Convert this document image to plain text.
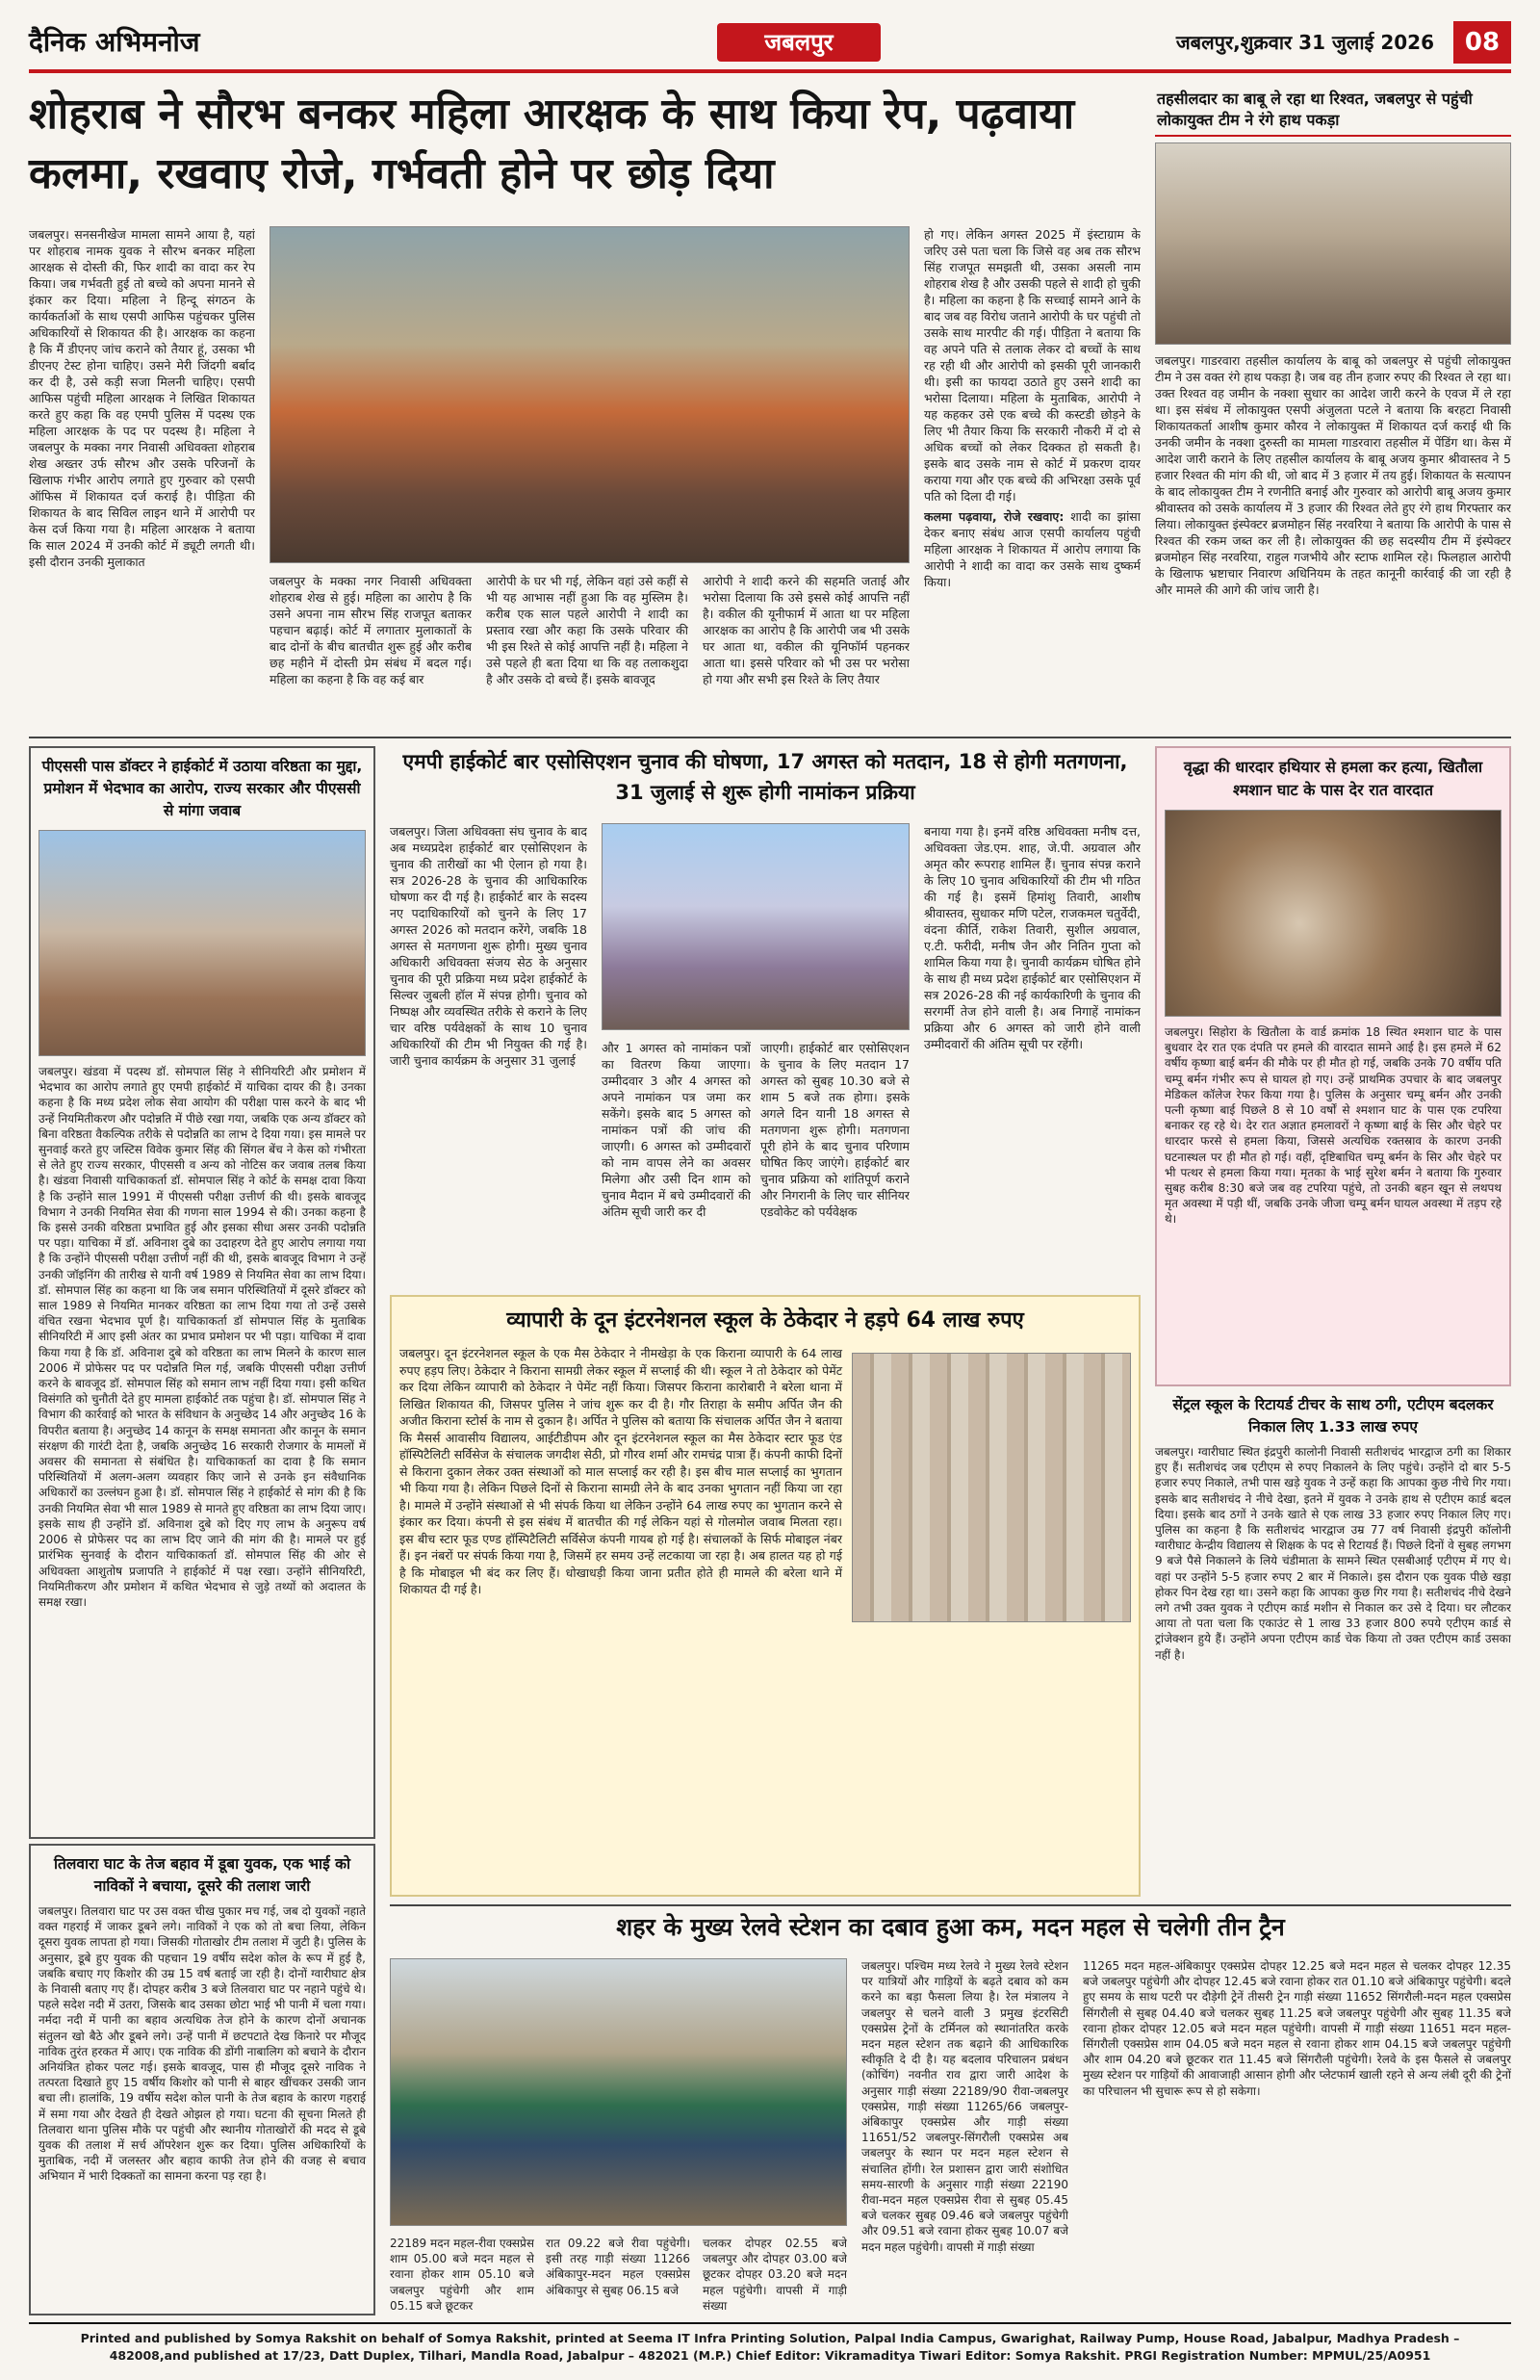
दैनिक अभिमनोज	जबलपुर	जबलपुर,शुक्रवार 31 जुलाई 2026	08
शोहराब ने सौरभ बनकर महिला आरक्षक के साथ किया रेप, पढ़वाया कलमा, रखवाए रोजे, गर्भवती होने पर छोड़ दिया

जबलपुर। सनसनीखेज मामला सामने आया है, यहां पर शोहराब नामक युवक ने सौरभ बनकर महिला आरक्षक से दोस्ती की, फिर शादी का वादा कर रेप किया। जब गर्भवती हुई तो बच्चे को अपना मानने से इंकार कर दिया। महिला ने हिन्दू संगठन के कार्यकर्ताओं के साथ एसपी आफिस पहुंचकर पुलिस अधिकारियों से शिकायत की है। आरक्षक का कहना है कि मैं डीएनए जांच कराने को तैयार हूं, उसका भी डीएनए टेस्ट होना चाहिए। उसने मेरी जिंदगी बर्बाद कर दी है, उसे कड़ी सजा मिलनी चाहिए। एसपी आफिस पहुंची महिला आरक्षक ने लिखित शिकायत करते हुए कहा कि वह एमपी पुलिस में पदस्थ एक महिला आरक्षक के पद पर पदस्थ है। महिला ने जबलपुर के मक्का नगर निवासी अधिवक्ता शोहराब शेख अख्तर उर्फ सौरभ और उसके परिजनों के खिलाफ गंभीर आरोप लगाते हुए गुरुवार को एसपी ऑफिस में शिकायत दर्ज कराई है। पीड़िता की शिकायत के बाद सिविल लाइन थाने में आरोपी पर केस दर्ज किया गया है। महिला आरक्षक ने बताया कि साल 2024 में उनकी कोर्ट में ड्यूटी लगती थी। इसी दौरान उनकी मुलाकात

जबलपुर के मक्का नगर निवासी अधिवक्ता शोहराब शेख से हुई। महिला का आरोप है कि उसने अपना नाम सौरभ सिंह राजपूत बताकर पहचान बढ़ाई। कोर्ट में लगातार मुलाकातों के बाद दोनों के बीच बातचीत शुरू हुई और करीब छह महीने में दोस्ती प्रेम संबंध में बदल गई। महिला का कहना है कि वह कई बार

आरोपी के घर भी गई, लेकिन वहां उसे कहीं से भी यह आभास नहीं हुआ कि वह मुस्लिम है। करीब एक साल पहले आरोपी ने शादी का प्रस्ताव रखा और कहा कि उसके परिवार की भी इस रिश्ते से कोई आपत्ति नहीं है। महिला ने उसे पहले ही बता दिया था कि वह तलाकशुदा है और उसके दो बच्चे हैं। इसके बावजूद

आरोपी ने शादी करने की सहमति जताई और भरोसा दिलाया कि उसे इससे कोई आपत्ति नहीं है। वकील की यूनीफार्म में आता था पर महिला आरक्षक का आरोप है कि आरोपी जब भी उसके घर आता था, वकील की यूनिफॉर्म पहनकर आता था। इससे परिवार को भी उस पर भरोसा हो गया और सभी इस रिश्ते के लिए तैयार

हो गए। लेकिन अगस्त 2025 में इंस्टाग्राम के जरिए उसे पता चला कि जिसे वह अब तक सौरभ सिंह राजपूत समझती थी, उसका असली नाम शोहराब शेख है और उसकी पहले से शादी हो चुकी है। महिला का कहना है कि सच्चाई सामने आने के बाद जब वह विरोध जताने आरोपी के घर पहुंची तो उसके साथ मारपीट की गई। पीड़िता ने बताया कि वह अपने पति से तलाक लेकर दो बच्चों के साथ रह रही थी और आरोपी को इसकी पूरी जानकारी थी। इसी का फायदा उठाते हुए उसने शादी का भरोसा दिलाया। महिला के मुताबिक, आरोपी ने यह कहकर उसे एक बच्चे की कस्टडी छोड़ने के लिए भी तैयार किया कि सरकारी नौकरी में दो से अधिक बच्चों को लेकर दिक्कत हो सकती है। इसके बाद उसके नाम से कोर्ट में प्रकरण दायर कराया गया और एक बच्चे की अभिरक्षा उसके पूर्व पति को दिला दी गई।

कलमा पढ़वाया, रोजे रखवाए: शादी का झांसा देकर बनाए संबंध आज एसपी कार्यालय पहुंची महिला आरक्षक ने शिकायत में आरोप लगाया कि आरोपी ने शादी का वादा कर उसके साथ दुष्कर्म किया।

तहसीलदार का बाबू ले रहा था रिश्वत, जबलपुर से पहुंची लोकायुक्त टीम ने रंगे हाथ पकड़ा
जबलपुर। गाडरवारा तहसील कार्यालय के बाबू को जबलपुर से पहुंची लोकायुक्त टीम ने उस वक्त रंगे हाथ पकड़ा है। जब वह तीन हजार रुपए की रिश्वत ले रहा था। उक्त रिश्वत वह जमीन के नक्शा सुधार का आदेश जारी करने के एवज में ले रहा था। इस संबंध में लोकायुक्त एसपी अंजुलता पटले ने बताया कि बरहटा निवासी शिकायतकर्ता आशीष कुमार कौरव ने लोकायुक्त में शिकायत दर्ज कराई थी कि उनकी जमीन के नक्शा दुरुस्ती का मामला गाडरवारा तहसील में पेंडिंग था। केस में आदेश जारी कराने के लिए तहसील कार्यालय के बाबू अजय कुमार श्रीवास्तव ने 5 हजार रिश्वत की मांग की थी, जो बाद में 3 हजार में तय हुई। शिकायत के सत्यापन के बाद लोकायुक्त टीम ने रणनीति बनाई और गुरुवार को आरोपी बाबू अजय कुमार श्रीवास्तव को उसके कार्यालय में 3 हजार की रिश्वत लेते हुए रंगे हाथ गिरफ्तार कर लिया। लोकायुक्त इंस्पेक्टर ब्रजमोहन सिंह नरवरिया ने बताया कि आरोपी के पास से रिश्वत की रकम जब्त कर ली है। लोकायुक्त की छह सदस्यीय टीम में इंस्पेक्टर ब्रजमोहन सिंह नरवरिया, राहुल गजभीये और स्टाफ शामिल रहे। फिलहाल आरोपी के खिलाफ भ्रष्टाचार निवारण अधिनियम के तहत कानूनी कार्रवाई की जा रही है और मामले की आगे की जांच जारी है।
पीएससी पास डॉक्टर ने हाईकोर्ट में उठाया वरिष्ठता का मुद्दा, प्रमोशन में भेदभाव का आरोप, राज्य सरकार और पीएससी से मांगा जवाब
जबलपुर। खंडवा में पदस्थ डॉ. सोमपाल सिंह ने सीनियरिटी और प्रमोशन में भेदभाव का आरोप लगाते हुए एमपी हाईकोर्ट में याचिका दायर की है। उनका कहना है कि मध्य प्रदेश लोक सेवा आयोग की परीक्षा पास करने के बाद भी उन्हें नियमितीकरण और पदोन्नति में पीछे रखा गया, जबकि एक अन्य डॉक्टर को बिना वरिष्ठता वैकल्पिक तरीके से पदोन्नति का लाभ दे दिया गया। इस मामले पर सुनवाई करते हुए जस्टिस विवेक कुमार सिंह की सिंगल बेंच ने केस को गंभीरता से लेते हुए राज्य सरकार, पीएससी व अन्य को नोटिस कर जवाब तलब किया है। खंडवा निवासी याचिकाकर्ता डॉ. सोमपाल सिंह ने कोर्ट के समक्ष दावा किया है कि उन्होंने साल 1991 में पीएससी परीक्षा उत्तीर्ण की थी। इसके बावजूद विभाग ने उनकी नियमित सेवा की गणना साल 1994 से की। उनका कहना है कि इससे उनकी वरिष्ठता प्रभावित हुई और इसका सीधा असर उनकी पदोन्नति पर पड़ा। याचिका में डॉ. अविनाश दुबे का उदाहरण देते हुए आरोप लगाया गया है कि उन्होंने पीएससी परीक्षा उत्तीर्ण नहीं की थी, इसके बावजूद विभाग ने उन्हें उनकी जॉइनिंग की तारीख से यानी वर्ष 1989 से नियमित सेवा का लाभ दिया। डॉ. सोमपाल सिंह का कहना था कि जब समान परिस्थितियों में दूसरे डॉक्टर को साल 1989 से नियमित मानकर वरिष्ठता का लाभ दिया गया तो उन्हें उससे वंचित रखना भेदभाव पूर्ण है। याचिकाकर्ता डॉ सोमपाल सिंह के मुताबिक सीनियरिटी में आए इसी अंतर का प्रभाव प्रमोशन पर भी पड़ा। याचिका में दावा किया गया है कि डॉ. अविनाश दुबे को वरिष्ठता का लाभ मिलने के कारण साल 2006 में प्रोफेसर पद पर पदोन्नति मिल गई, जबकि पीएससी परीक्षा उत्तीर्ण करने के बावजूद डॉ. सोमपाल सिंह को समान लाभ नहीं दिया गया। इसी कथित विसंगति को चुनौती देते हुए मामला हाईकोर्ट तक पहुंचा है। डॉ. सोमपाल सिंह ने विभाग की कार्रवाई को भारत के संविधान के अनुच्छेद 14 और अनुच्छेद 16 के विपरीत बताया है। अनुच्छेद 14 कानून के समक्ष समानता और कानून के समान संरक्षण की गारंटी देता है, जबकि अनुच्छेद 16 सरकारी रोजगार के मामलों में अवसर की समानता से संबंधित है। याचिकाकर्ता का दावा है कि समान परिस्थितियों में अलग-अलग व्यवहार किए जाने से उनके इन संवैधानिक अधिकारों का उल्लंघन हुआ है। डॉ. सोमपाल सिंह ने हाईकोर्ट से मांग की है कि उनकी नियमित सेवा भी साल 1989 से मानते हुए वरिष्ठता का लाभ दिया जाए। इसके साथ ही उन्होंने डॉ. अविनाश दुबे को दिए गए लाभ के अनुरूप वर्ष 2006 से प्रोफेसर पद का लाभ दिए जाने की मांग की है। मामले पर हुई प्रारंभिक सुनवाई के दौरान याचिकाकर्ता डॉ. सोमपाल सिंह की ओर से अधिवक्ता आशुतोष प्रजापति ने हाईकोर्ट में पक्ष रखा। उन्होंने सीनियरिटी, नियमितीकरण और प्रमोशन में कथित भेदभाव से जुड़े तथ्यों को अदालत के समक्ष रखा।
तिलवारा घाट के तेज बहाव में डूबा युवक, एक भाई को नाविकों ने बचाया, दूसरे की तलाश जारी
जबलपुर। तिलवारा घाट पर उस वक्त चीख पुकार मच गई, जब दो युवकों नहाते वक्त गहराई में जाकर डूबने लगे। नाविकों ने एक को तो बचा लिया, लेकिन दूसरा युवक लापता हो गया। जिसकी गोताखोर टीम तलाश में जुटी है। पुलिस के अनुसार, डूबे हुए युवक की पहचान 19 वर्षीय सदेश कोल के रूप में हुई है, जबकि बचाए गए किशोर की उम्र 15 वर्ष बताई जा रही है। दोनों ग्वारीघाट क्षेत्र के निवासी बताए गए हैं। दोपहर करीब 3 बजे तिलवारा घाट पर नहाने पहुंचे थे। पहले सदेश नदी में उतरा, जिसके बाद उसका छोटा भाई भी पानी में चला गया। नर्मदा नदी में पानी का बहाव अत्यधिक तेज होने के कारण दोनों अचानक संतुलन खो बैठे और डूबने लगे। उन्हें पानी में छटपटाते देख किनारे पर मौजूद नाविक तुरंत हरकत में आए। एक नाविक की डोंगी नाबालिग को बचाने के दौरान अनियंत्रित होकर पलट गई। इसके बावजूद, पास ही मौजूद दूसरे नाविक ने तत्परता दिखाते हुए 15 वर्षीय किशोर को पानी से बाहर खींचकर उसकी जान बचा ली। हालांकि, 19 वर्षीय सदेश कोल पानी के तेज बहाव के कारण गहराई में समा गया और देखते ही देखते ओझल हो गया। घटना की सूचना मिलते ही तिलवारा थाना पुलिस मौके पर पहुंची और स्थानीय गोताखोरों की मदद से डूबे युवक की तलाश में सर्च ऑपरेशन शुरू कर दिया। पुलिस अधिकारियों के मुताबिक, नदी में जलस्तर और बहाव काफी तेज होने की वजह से बचाव अभियान में भारी दिक्कतों का सामना करना पड़ रहा है।
एमपी हाईकोर्ट बार एसोसिएशन चुनाव की घोषणा, 17 अगस्त को मतदान, 18 से होगी मतगणना, 31 जुलाई से शुरू होगी नामांकन प्रक्रिया
जबलपुर। जिला अधिवक्ता संघ चुनाव के बाद अब मध्यप्रदेश हाईकोर्ट बार एसोसिएशन के चुनाव की तारीखों का भी ऐलान हो गया है। सत्र 2026-28 के चुनाव की आधिकारिक घोषणा कर दी गई है। हाईकोर्ट बार के सदस्य नए पदाधिकारियों को चुनने के लिए 17 अगस्त 2026 को मतदान करेंगे, जबकि 18 अगस्त से मतगणना शुरू होगी। मुख्य चुनाव अधिकारी अधिवक्ता संजय सेठ के अनुसार चुनाव की पूरी प्रक्रिया मध्य प्रदेश हाईकोर्ट के सिल्वर जुबली हॉल में संपन्न होगी। चुनाव को निष्पक्ष और व्यवस्थित तरीके से कराने के लिए चार वरिष्ठ पर्यवेक्षकों के साथ 10 चुनाव अधिकारियों की टीम भी नियुक्त की गई है। जारी चुनाव कार्यक्रम के अनुसार 31 जुलाई
और 1 अगस्त को नामांकन पत्रों का वितरण किया जाएगा। उम्मीदवार 3 और 4 अगस्त को अपने नामांकन पत्र जमा कर सकेंगे। इसके बाद 5 अगस्त को नामांकन पत्रों की जांच की जाएगी। 6 अगस्त को उम्मीदवारों को नाम वापस लेने का अवसर मिलेगा और उसी दिन शाम को चुनाव मैदान में बचे उम्मीदवारों की अंतिम सूची जारी कर दी
जाएगी। हाईकोर्ट बार एसोसिएशन के चुनाव के लिए मतदान 17 अगस्त को सुबह 10.30 बजे से शाम 5 बजे तक होगा। इसके अगले दिन यानी 18 अगस्त से मतगणना शुरू होगी। मतगणना पूरी होने के बाद चुनाव परिणाम घोषित किए जाएंगे। हाईकोर्ट बार चुनाव प्रक्रिया को शांतिपूर्ण कराने और निगरानी के लिए चार सीनियर एडवोकेट को पर्यवेक्षक
बनाया गया है। इनमें वरिष्ठ अधिवक्ता मनीष दत्त, अधिवक्ता जेड.एम. शाह, जे.पी. अग्रवाल और अमृत कौर रूपराह शामिल हैं। चुनाव संपन्न कराने के लिए 10 चुनाव अधिकारियों की टीम भी गठित की गई है। इसमें हिमांशु तिवारी, आशीष श्रीवास्तव, सुधाकर मणि पटेल, राजकमल चतुर्वेदी, वंदना कीर्ति, राकेश तिवारी, सुशील अग्रवाल, ए.टी. फरीदी, मनीष जैन और नितिन गुप्ता को शामिल किया गया है। चुनावी कार्यक्रम घोषित होने के साथ ही मध्य प्रदेश हाईकोर्ट बार एसोसिएशन में सत्र 2026-28 की नई कार्यकारिणी के चुनाव की सरगर्मी तेज होने वाली है। अब निगाहें नामांकन प्रक्रिया और 6 अगस्त को जारी होने वाली उम्मीदवारों की अंतिम सूची पर रहेंगी।
वृद्धा की धारदार हथियार से हमला कर हत्या, खितौला श्मशान घाट के पास देर रात वारदात
जबलपुर। सिहोरा के खितौला के वार्ड क्रमांक 18 स्थित श्मशान घाट के पास बुधवार देर रात एक दंपति पर हमले की वारदात सामने आई है। इस हमले में 62 वर्षीय कृष्णा बाई बर्मन की मौके पर ही मौत हो गई, जबकि उनके 70 वर्षीय पति चम्पू बर्मन गंभीर रूप से घायल हो गए। उन्हें प्राथमिक उपचार के बाद जबलपुर मेडिकल कॉलेज रेफर किया गया है। पुलिस के अनुसार चम्पू बर्मन और उनकी पत्नी कृष्णा बाई पिछले 8 से 10 वर्षों से श्मशान घाट के पास एक टपरिया बनाकर रह रहे थे। देर रात अज्ञात हमलावरों ने कृष्णा बाई के सिर और चेहरे पर धारदार फरसे से हमला किया, जिससे अत्यधिक रक्तस्राव के कारण उनकी घटनास्थल पर ही मौत हो गई। वहीं, दृष्टिबाधित चम्पू बर्मन के सिर और चेहरे पर भी पत्थर से हमला किया गया। मृतका के भाई सुरेश बर्मन ने बताया कि गुरुवार सुबह करीब 8:30 बजे जब वह टपरिया पहुंचे, तो उनकी बहन खून से लथपथ मृत अवस्था में पड़ी थीं, जबकि उनके जीजा चम्पू बर्मन घायल अवस्था में तड़प रहे थे।
सेंट्रल स्कूल के रिटायर्ड टीचर के साथ ठगी, एटीएम बदलकर निकाल लिए 1.33 लाख रुपए
जबलपुर। ग्वारीघाट स्थित इंद्रपुरी कालोनी निवासी सतीशचंद भारद्वाज ठगी का शिकार हुए हैं। सतीशचंद जब एटीएम से रुपए निकालने के लिए पहुंचे। उन्होंने दो बार 5-5 हजार रुपए निकाले, तभी पास खड़े युवक ने उन्हें कहा कि आपका कुछ नीचे गिर गया। इसके बाद सतीशचंद ने नीचे देखा, इतने में युवक ने उनके हाथ से एटीएम कार्ड बदल दिया। इसके बाद ठगों ने उनके खाते से एक लाख 33 हजार रुपए निकाल लिए गए। पुलिस का कहना है कि सतीशचंद भारद्वाज उम्र 77 वर्ष निवासी इंद्रपुरी कॉलोनी ग्वारीघाट केन्द्रीय विद्यालय से शिक्षक के पद से रिटायर्ड हैं। पिछले दिनों वे सुबह लगभग 9 बजे पैसे निकालने के लिये चंडीमाता के सामने स्थित एसबीआई एटीएम में गए थे। वहां पर उन्होंने 5-5 हजार रुपए 2 बार में निकाले। इस दौरान एक युवक पीछे खड़ा होकर पिन देख रहा था। उसने कहा कि आपका कुछ गिर गया है। सतीशचंद नीचे देखने लगे तभी उक्त युवक ने एटीएम कार्ड मशीन से निकाल कर उसे दे दिया। घर लौटकर आया तो पता चला कि एकाउंट से 1 लाख 33 हजार 800 रुपये एटीएम कार्ड से ट्रांजेक्शन हुये हैं। उन्होंने अपना एटीएम कार्ड चेक किया तो उक्त एटीएम कार्ड उसका नहीं है।
व्यापारी के दून इंटरनेशनल स्कूल के ठेकेदार ने हड़पे 64 लाख रुपए
जबलपुर। दून इंटरनेशनल स्कूल के एक मैस ठेकेदार ने नीमखेड़ा के एक किराना व्यापारी के 64 लाख रुपए हड़प लिए। ठेकेदार ने किराना सामग्री लेकर स्कूल में सप्लाई की थी। स्कूल ने तो ठेकेदार को पेमेंट कर दिया लेकिन व्यापारी को ठेकेदार ने पेमेंट नहीं किया। जिसपर किराना कारोबारी ने बरेला थाना में लिखित शिकायत की, जिसपर पुलिस ने जांच शुरू कर दी है। गौर तिराहा के समीप अर्पित जैन की अजीत किराना स्टोर्स के नाम से दुकान है। अर्पित ने पुलिस को बताया कि संचालक अर्पित जैन ने बताया कि मैसर्स आवासीय विद्यालय, आईटीडीपम और दून इंटरनेशनल स्कूल का मैस ठेकेदार स्टार फूड एंड हॉस्पिटैलिटी सर्विसेज के संचालक जगदीश सेठी, प्रो गौरव शर्मा और रामचंद्र पात्रा हैं। कंपनी काफी दिनों से किराना दुकान लेकर उक्त संस्थाओं को माल सप्लाई कर रही है। इस बीच माल सप्लाई का भुगतान भी किया गया है। लेकिन पिछले दिनों से किराना सामग्री लेने के बाद उनका भुगतान नहीं किया जा रहा है। मामले में उन्होंने संस्थाओं से भी संपर्क किया था लेकिन उन्होंने 64 लाख रुपए का भुगतान करने से इंकार कर दिया। कंपनी से इस संबंध में बातचीत की गई लेकिन यहां से गोलमोल जवाब मिलता रहा। इस बीच स्टार फूड एण्ड हॉस्पिटैलिटी सर्विसेज कंपनी गायब हो गई है। संचालकों के सिर्फ मोबाइल नंबर हैं। इन नंबरों पर संपर्क किया गया है, जिसमें हर समय उन्हें लटकाया जा रहा है। अब हालत यह हो गई है कि मोबाइल भी बंद कर लिए हैं। धोखाधड़ी किया जाना प्रतीत होते ही मामले की बरेला थाने में शिकायत दी गई है।
शहर के मुख्य रेलवे स्टेशन का दबाव हुआ कम, मदन महल से चलेगी तीन ट्रैन
जबलपुर। पश्चिम मध्य रेलवे ने मुख्य रेलवे स्टेशन पर यात्रियों और गाड़ियों के बढ़ते दबाव को कम करने का बड़ा फैसला लिया है। रेल मंत्रालय ने जबलपुर से चलने वाली 3 प्रमुख इंटरसिटी एक्सप्रेस ट्रेनों के टर्मिनल को स्थानांतरित करके मदन महल स्टेशन तक बढ़ाने की आधिकारिक स्वीकृति दे दी है। यह बदलाव परिचालन प्रबंधन (कोचिंग) नवनीत राव द्वारा जारी आदेश के अनुसार गाड़ी संख्या 22189/90 रीवा-जबलपुर एक्सप्रेस, गाड़ी संख्या 11265/66 जबलपुर-अंबिकापुर एक्सप्रेस और गाड़ी संख्या 11651/52 जबलपुर-सिंगरौली एक्सप्रेस अब जबलपुर के स्थान पर मदन महल स्टेशन से संचालित होंगी। रेल प्रशासन द्वारा जारी संशोधित समय-सारणी के अनुसार गाड़ी संख्या 22190 रीवा-मदन महल एक्सप्रेस रीवा से सुबह 05.45 बजे चलकर सुबह 09.46 बजे जबलपुर पहुंचेगी और 09.51 बजे रवाना होकर सुबह 10.07 बजे मदन महल पहुंचेगी। वापसी में गाड़ी संख्या
22189 मदन महल-रीवा एक्सप्रेस शाम 05.00 बजे मदन महल से रवाना होकर शाम 05.10 बजे जबलपुर पहुंचेगी और शाम 05.15 बजे छूटकर
रात 09.22 बजे रीवा पहुंचेगी। इसी तरह गाड़ी संख्या 11266 अंबिकापुर-मदन महल एक्सप्रेस अंबिकापुर से सुबह 06.15 बजे
चलकर दोपहर 02.55 बजे जबलपुर और दोपहर 03.00 बजे छूटकर दोपहर 03.20 बजे मदन महल पहुंचेगी। वापसी में गाड़ी संख्या
11265 मदन महल-अंबिकापुर एक्सप्रेस दोपहर 12.25 बजे मदन महल से चलकर दोपहर 12.35 बजे जबलपुर पहुंचेगी और दोपहर 12.45 बजे रवाना होकर रात 01.10 बजे अंबिकापुर पहुंचेगी। बदले हुए समय के साथ पटरी पर दौड़ेगी ट्रेनें तीसरी ट्रेन गाड़ी संख्या 11652 सिंगरौली-मदन महल एक्सप्रेस सिंगरौली से सुबह 04.40 बजे चलकर सुबह 11.25 बजे जबलपुर पहुंचेगी और सुबह 11.35 बजे रवाना होकर दोपहर 12.05 बजे मदन महल पहुंचेगी। वापसी में गाड़ी संख्या 11651 मदन महल-सिंगरौली एक्सप्रेस शाम 04.05 बजे मदन महल से रवाना होकर शाम 04.15 बजे जबलपुर पहुंचेगी और शाम 04.20 बजे छूटकर रात 11.45 बजे सिंगरौली पहुंचेगी। रेलवे के इस फैसले से जबलपुर मुख्य स्टेशन पर गाड़ियों की आवाजाही आसान होगी और प्लेटफार्म खाली रहने से अन्य लंबी दूरी की ट्रेनों का परिचालन भी सुचारू रूप से हो सकेगा।
Printed and published by Somya Rakshit on behalf of Somya Rakshit, printed at Seema IT Infra Printing Solution, Palpal India Campus, Gwarighat, Railway Pump, House Road, Jabalpur, Madhya Pradesh –
482008,and published at 17/23, Datt Duplex, Tilhari, Mandla Road, Jabalpur – 482021 (M.P.) Chief Editor: Vikramaditya Tiwari Editor: Somya Rakshit. PRGI Registration Number: MPMUL/25/A0951
